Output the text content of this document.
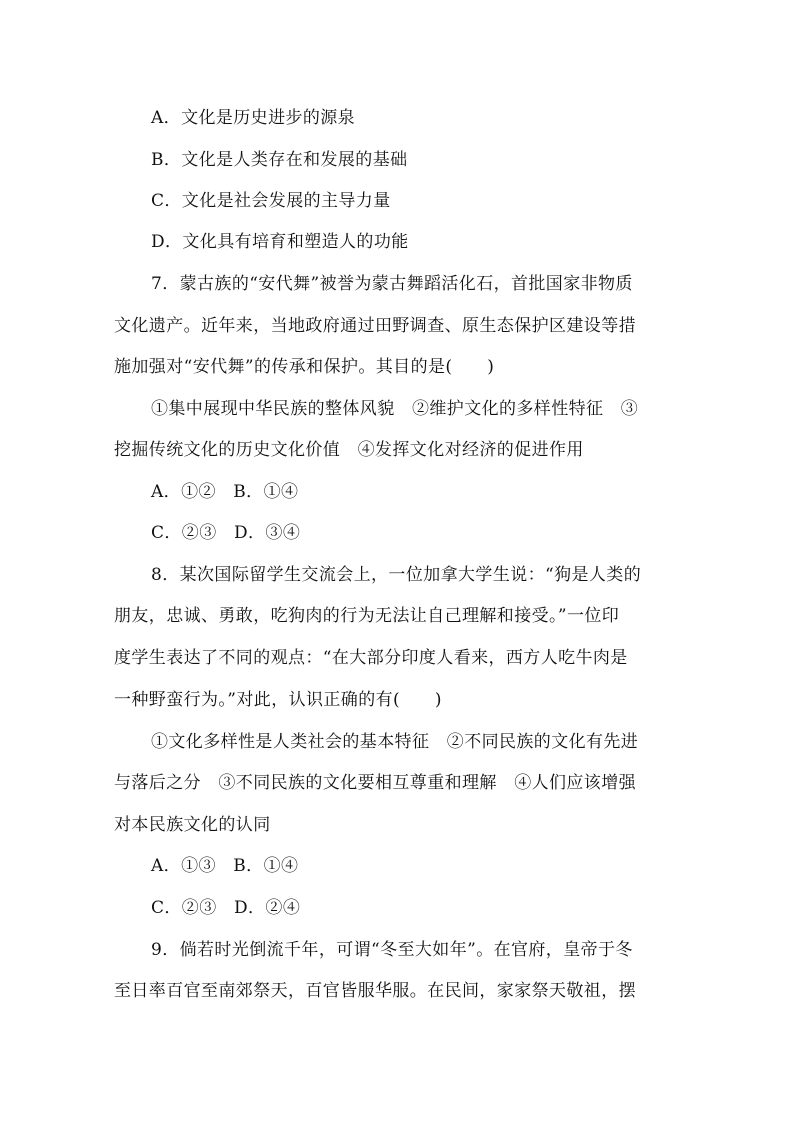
A．文化是历史进步的源泉
B．文化是人类存在和发展的基础
C．文化是社会发展的主导力量
D．文化具有培育和塑造人的功能
7．蒙古族的“安代舞”被誉为蒙古舞蹈活化石，首批国家非物质
文化遗产。近年来，当地政府通过田野调查、原生态保护区建设等措
施加强对“安代舞”的传承和保护。其目的是(　　)
①集中展现中华民族的整体风貌　②维护文化的多样性特征　③
挖掘传统文化的历史文化价值　④发挥文化对经济的促进作用
A．①②　B．①④
C．②③　D．③④
8．某次国际留学生交流会上，一位加拿大学生说：“狗是人类的
朋友，忠诚、勇敢，吃狗肉的行为无法让自己理解和接受。”一位印
度学生表达了不同的观点：“在大部分印度人看来，西方人吃牛肉是
一种野蛮行为。”对此，认识正确的有(　　)
①文化多样性是人类社会的基本特征　②不同民族的文化有先进
与落后之分　③不同民族的文化要相互尊重和理解　④人们应该增强
对本民族文化的认同
A．①③　B．①④
C．②③　D．②④
9．倘若时光倒流千年，可谓“冬至大如年”。在官府，皇帝于冬
至日率百官至南郊祭天，百官皆服华服。在民间，家家祭天敬祖，摆
